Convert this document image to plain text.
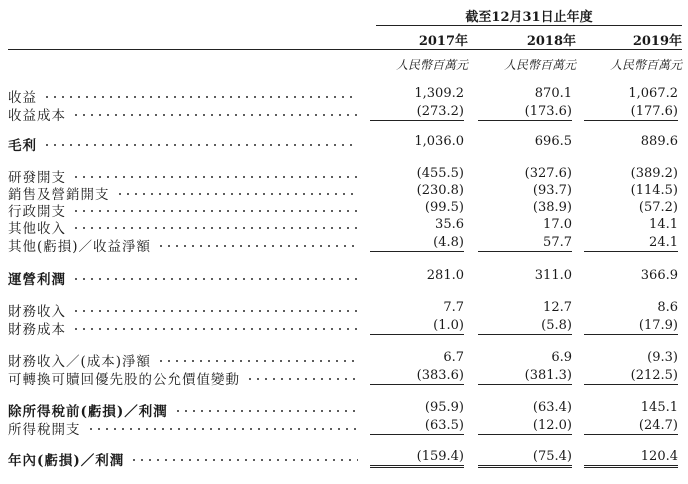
截至12月31日止年度
2017年	2018年	2019年
人民幣百萬元	人民幣百萬元	人民幣百萬元
收益	1,309.2	870.1	1,067.2
收益成本	(273.2)	(173.6)	(177.6)
毛利	1,036.0	696.5	889.6
研發開支	(455.5)	(327.6)	(389.2)
銷售及營銷開支	(230.8)	(93.7)	(114.5)
行政開支	(99.5)	(38.9)	(57.2)
其他收入	35.6	17.0	14.1
其他(虧損)／收益淨額	(4.8)	57.7	24.1
運營利潤	281.0	311.0	366.9
財務收入	7.7	12.7	8.6
財務成本	(1.0)	(5.8)	(17.9)
財務收入／(成本)淨額	6.7	6.9	(9.3)
可轉換可贖回優先股的公允價值變動	(383.6)	(381.3)	(212.5)
除所得稅前(虧損)／利潤	(95.9)	(63.4)	145.1
所得稅開支	(63.5)	(12.0)	(24.7)
年內(虧損)／利潤	(159.4)	(75.4)	120.4
